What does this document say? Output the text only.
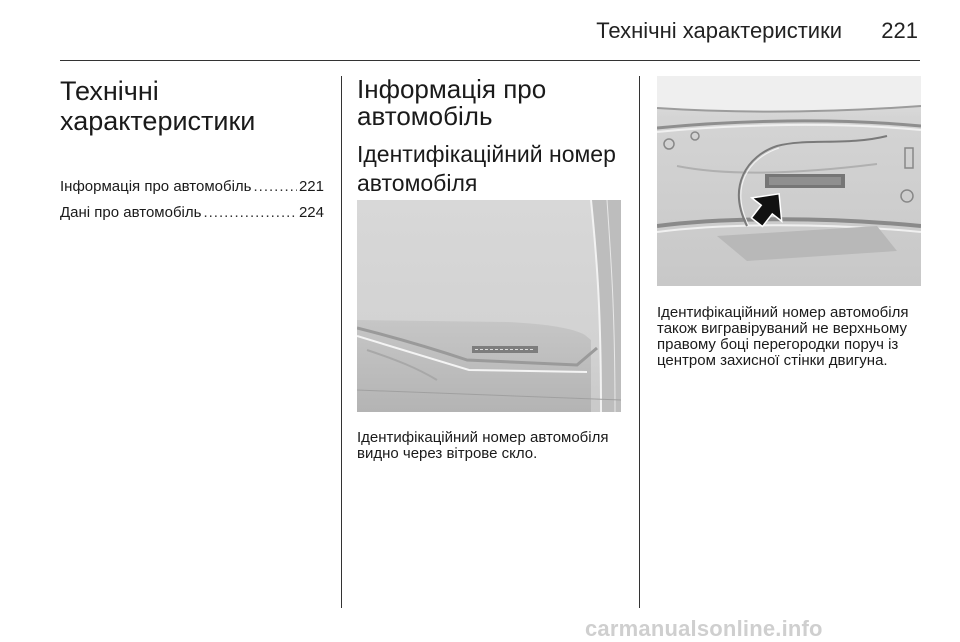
Технічні характеристики 221
Технічні характеристики
Інформація про автомобіль .....	221
Дані про автомобіль .....	224
Інформація про автомобіль
Ідентифікаційний номер автомобіля

Ідентифікаційний номер автомобіля видно через вітрове скло.

Ідентифікаційний номер автомобіля також вигравіруваний не верхньому правому боці перегородки поруч із центром захисної стінки двигуна.

carmanualsonline.info
